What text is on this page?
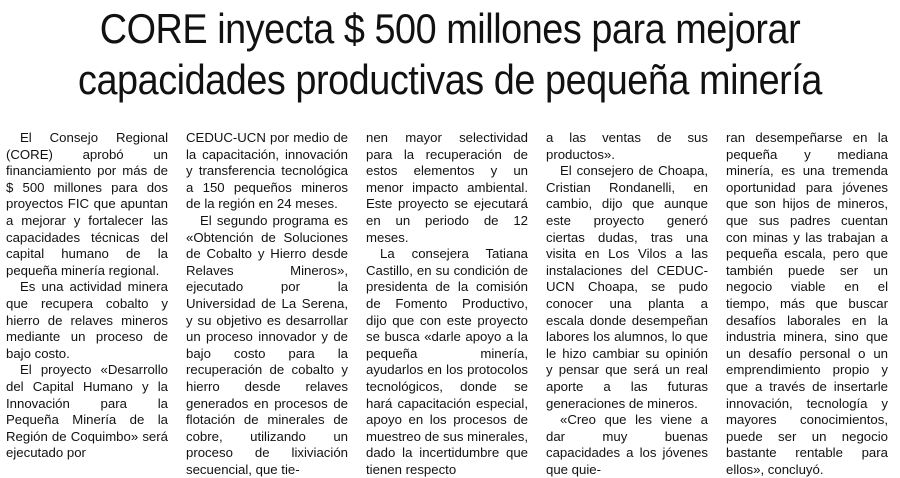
CORE inyecta $ 500 millones para mejorar
capacidades productivas de pequeña minería

El Consejo Regional (CORE) aprobó un financiamiento por más de $ 500 millones para dos proyectos FIC que apuntan a mejorar y fortalecer las capacidades técnicas del capital humano de la pequeña minería regional.

Es una actividad minera que recupera cobalto y hierro de relaves mineros mediante un proceso de bajo costo.

El proyecto «Desarrollo del Capital Humano y la Innovación para la Pequeña Minería de la Región de Coquimbo» será ejecutado por

CEDUC-UCN por medio de la capacitación, innovación y transferencia tecnológica a 150 pequeños mineros de la región en 24 meses.

El segundo programa es «Obtención de Soluciones de Cobalto y Hierro desde Relaves Mineros», ejecutado por la Universidad de La Serena, y su objetivo es desarrollar un proceso innovador y de bajo costo para la recuperación de cobalto y hierro desde relaves generados en procesos de flotación de minerales de cobre, utilizando un proceso de lixiviación secuencial, que tie-

nen mayor selectividad para la recuperación de estos elementos y un menor impacto ambiental. Este proyecto se ejecutará en un periodo de 12 meses.

La consejera Tatiana Castillo, en su condición de presidenta de la comisión de Fomento Productivo, dijo que con este proyecto se busca «darle apoyo a la pequeña minería, ayudarlos en los protocolos tecnológicos, donde se hará capacitación especial, apoyo en los procesos de muestreo de sus minerales, dado la incertidumbre que tienen respecto

a las ventas de sus productos».

El consejero de Choapa, Cristian Rondanelli, en cambio, dijo que aunque este proyecto generó ciertas dudas, tras una visita en Los Vilos a las instalaciones del CEDUC-UCN Choapa, se pudo conocer una planta a escala donde desempeñan labores los alumnos, lo que le hizo cambiar su opinión y pensar que será un real aporte a las futuras generaciones de mineros.

«Creo que les viene a dar muy buenas capacidades a los jóvenes que quie-

ran desempeñarse en la pequeña y mediana minería, es una tremenda oportunidad para jóvenes que son hijos de mineros, que sus padres cuentan con minas y las trabajan a pequeña escala, pero que también puede ser un negocio viable en el tiempo, más que buscar desafíos laborales en la industria minera, sino que un desafío personal o un emprendimiento propio y que a través de insertarle innovación, tecnología y mayores conocimientos, puede ser un negocio bastante rentable para ellos», concluyó.
